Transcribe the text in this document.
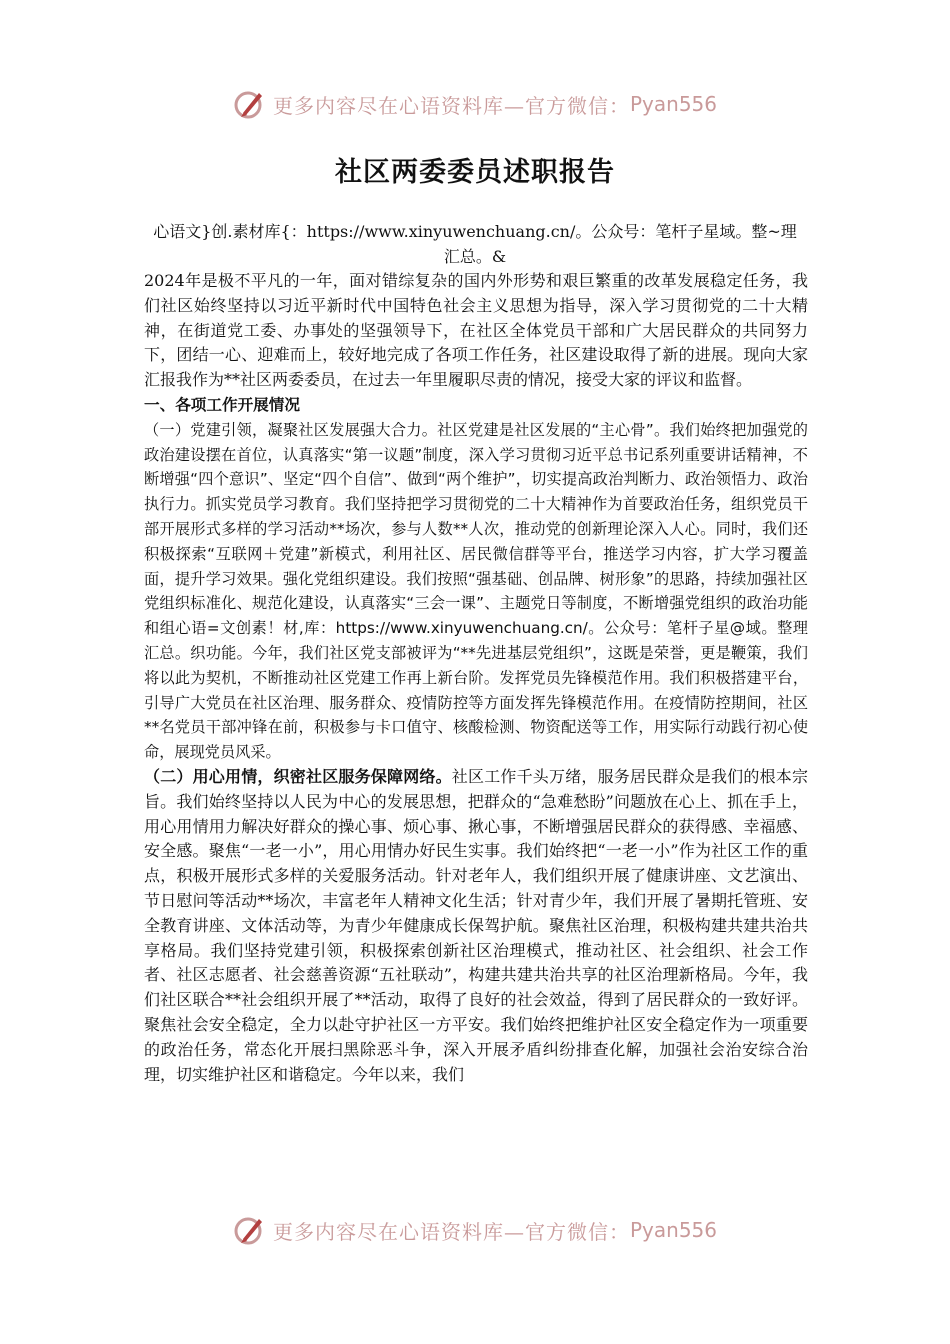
更多内容尽在心语资料库—官方微信： Pyan556
社区两委委员述职报告
心语文}创.素材库{：https://www.xinyuwenchuang.cn/。公众号：笔杆子星域。整~理汇总。&

2024年是极不平凡的一年，面对错综复杂的国内外形势和艰巨繁重的改革发展稳定任务，我们社区始终坚持以习近平新时代中国特色社会主义思想为指导，深入学习贯彻党的二十大精神，在街道党工委、办事处的坚强领导下，在社区全体党员干部和广大居民群众的共同努力下，团结一心、迎难而上，较好地完成了各项工作任务，社区建设取得了新的进展。现向大家汇报我作为**社区两委委员，在过去一年里履职尽责的情况，接受大家的评议和监督。

一、各项工作开展情况

（一）党建引领，凝聚社区发展强大合力。社区党建是社区发展的“主心骨”。我们始终把加强党的政治建设摆在首位，认真落实“第一议题”制度，深入学习贯彻习近平总书记系列重要讲话精神，不断增强“四个意识”、坚定“四个自信”、做到“两个维护”，切实提高政治判断力、政治领悟力、政治执行力。抓实党员学习教育。我们坚持把学习贯彻党的二十大精神作为首要政治任务，组织党员干部开展形式多样的学习活动**场次，参与人数**人次，推动党的创新理论深入人心。同时，我们还积极探索“互联网＋党建”新模式，利用社区、居民微信群等平台，推送学习内容，扩大学习覆盖面，提升学习效果。强化党组织建设。我们按照“强基础、创品牌、树形象”的思路，持续加强社区党组织标准化、规范化建设，认真落实“三会一课”、主题党日等制度，不断增强党组织的政治功能和组心语=文创素！材,库：https://www.xinyuwenchuang.cn/。公众号：笔杆子星@域。整理汇总。织功能。今年，我们社区党支部被评为“**先进基层党组织”，这既是荣誉，更是鞭策，我们将以此为契机，不断推动社区党建工作再上新台阶。发挥党员先锋模范作用。我们积极搭建平台，引导广大党员在社区治理、服务群众、疫情防控等方面发挥先锋模范作用。在疫情防控期间，社区**名党员干部冲锋在前，积极参与卡口值守、核酸检测、物资配送等工作，用实际行动践行初心使命，展现党员风采。

（二）用心用情，织密社区服务保障网络。社区工作千头万绪，服务居民群众是我们的根本宗旨。我们始终坚持以人民为中心的发展思想，把群众的“急难愁盼”问题放在心上、抓在手上，用心用情用力解决好群众的操心事、烦心事、揪心事，不断增强居民群众的获得感、幸福感、安全感。聚焦“一老一小”，用心用情办好民生实事。我们始终把“一老一小”作为社区工作的重点，积极开展形式多样的关爱服务活动。针对老年人，我们组织开展了健康讲座、文艺演出、节日慰问等活动**场次，丰富老年人精神文化生活；针对青少年，我们开展了暑期托管班、安全教育讲座、文体活动等，为青少年健康成长保驾护航。聚焦社区治理，积极构建共建共治共享格局。我们坚持党建引领，积极探索创新社区治理模式，推动社区、社会组织、社会工作者、社区志愿者、社会慈善资源“五社联动”，构建共建共治共享的社区治理新格局。今年，我们社区联合**社会组织开展了**活动，取得了良好的社会效益，得到了居民群众的一致好评。聚焦社会安全稳定，全力以赴守护社区一方平安。我们始终把维护社区安全稳定作为一项重要的政治任务，常态化开展扫黑除恶斗争，深入开展矛盾纠纷排查化解，加强社会治安综合治理，切实维护社区和谐稳定。今年以来，我们

更多内容尽在心语资料库—官方微信： Pyan556
